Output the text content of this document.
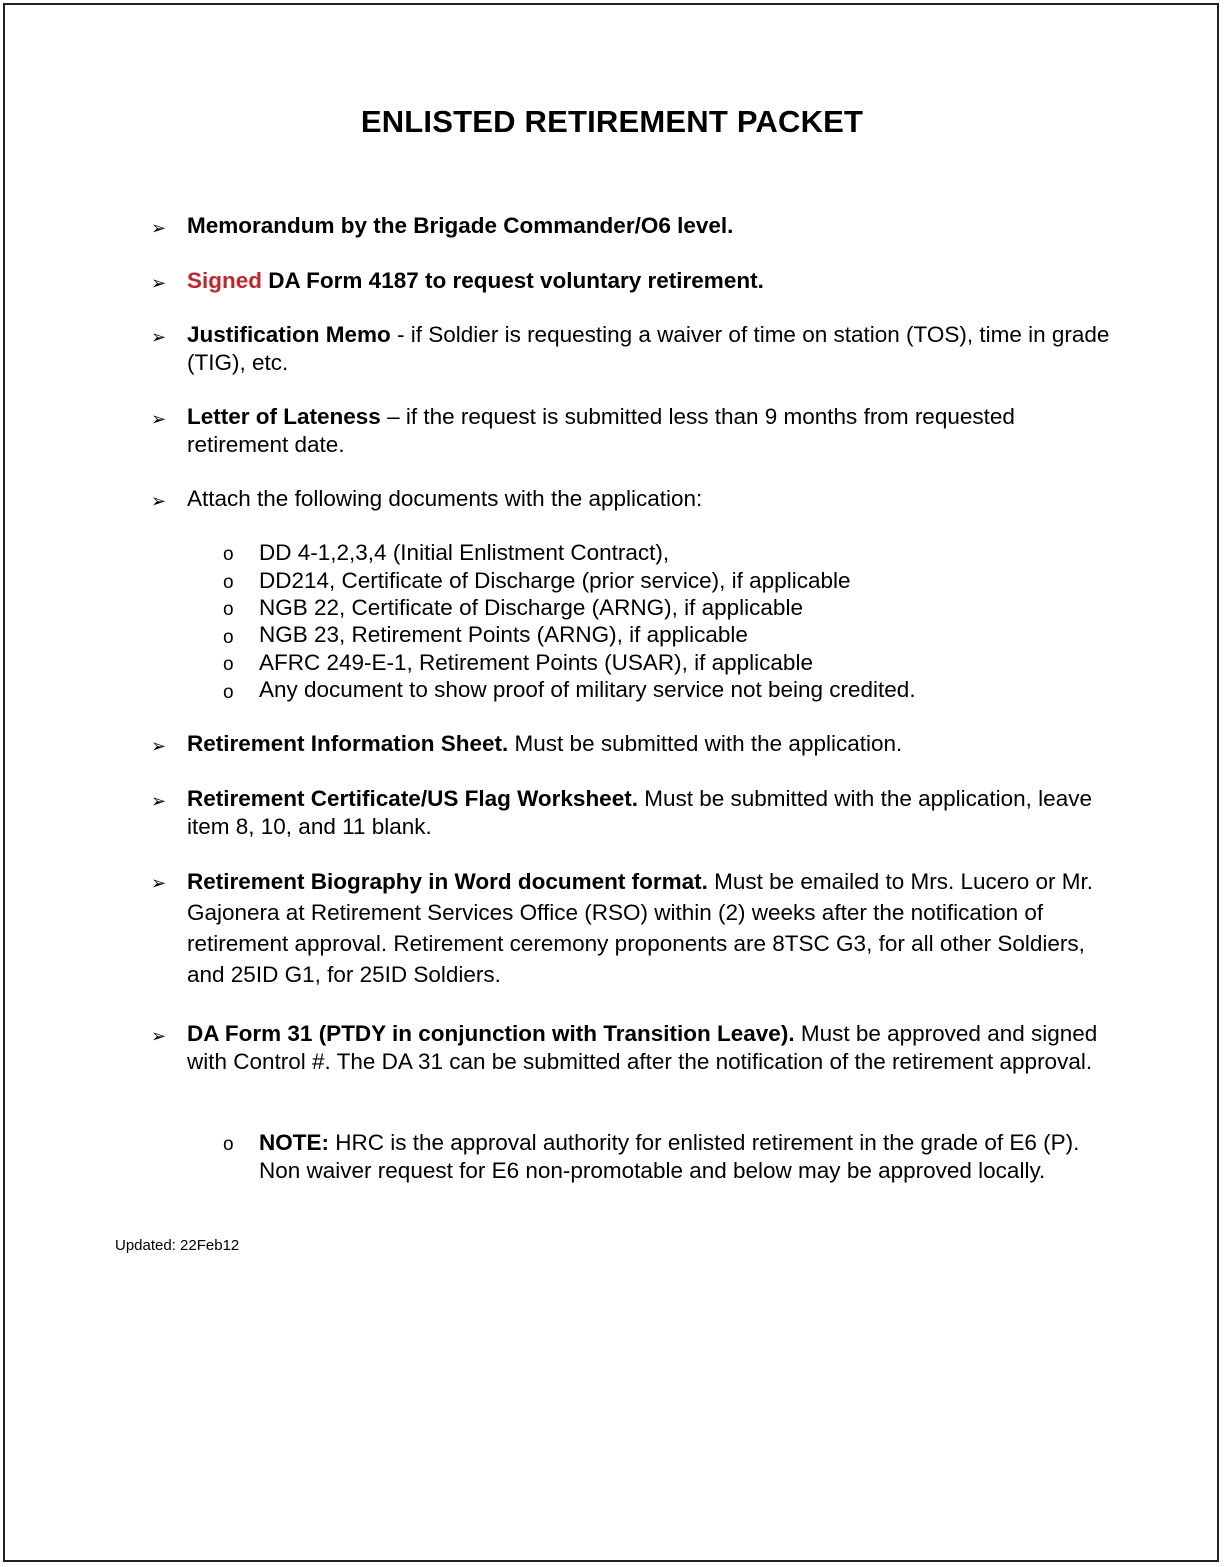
ENLISTED RETIREMENT PACKET
➢ Memorandum by the Brigade Commander/O6 level.
➢ Signed DA Form 4187 to request voluntary retirement.
➢ Justification Memo - if Soldier is requesting a waiver of time on station (TOS), time in grade (TIG), etc.
➢ Letter of Lateness – if the request is submitted less than 9 months from requested retirement date.
➢ Attach the following documents with the application:
o DD 4-1,2,3,4 (Initial Enlistment Contract),
o DD214, Certificate of Discharge (prior service), if applicable
o NGB 22, Certificate of Discharge (ARNG), if applicable
o NGB 23, Retirement Points (ARNG), if applicable
o AFRC 249-E-1, Retirement Points (USAR), if applicable
o Any document to show proof of military service not being credited.
➢ Retirement Information Sheet. Must be submitted with the application.
➢ Retirement Certificate/US Flag Worksheet. Must be submitted with the application, leave item 8, 10, and 11 blank.
➢ Retirement Biography in Word document format. Must be emailed to Mrs. Lucero or Mr. Gajonera at Retirement Services Office (RSO) within (2) weeks after the notification of retirement approval. Retirement ceremony proponents are 8TSC G3, for all other Soldiers, and 25ID G1, for 25ID Soldiers.
➢ DA Form 31 (PTDY in conjunction with Transition Leave). Must be approved and signed with Control #. The DA 31 can be submitted after the notification of the retirement approval.
o NOTE: HRC is the approval authority for enlisted retirement in the grade of E6 (P). Non waiver request for E6 non-promotable and below may be approved locally.
Updated: 22Feb12
